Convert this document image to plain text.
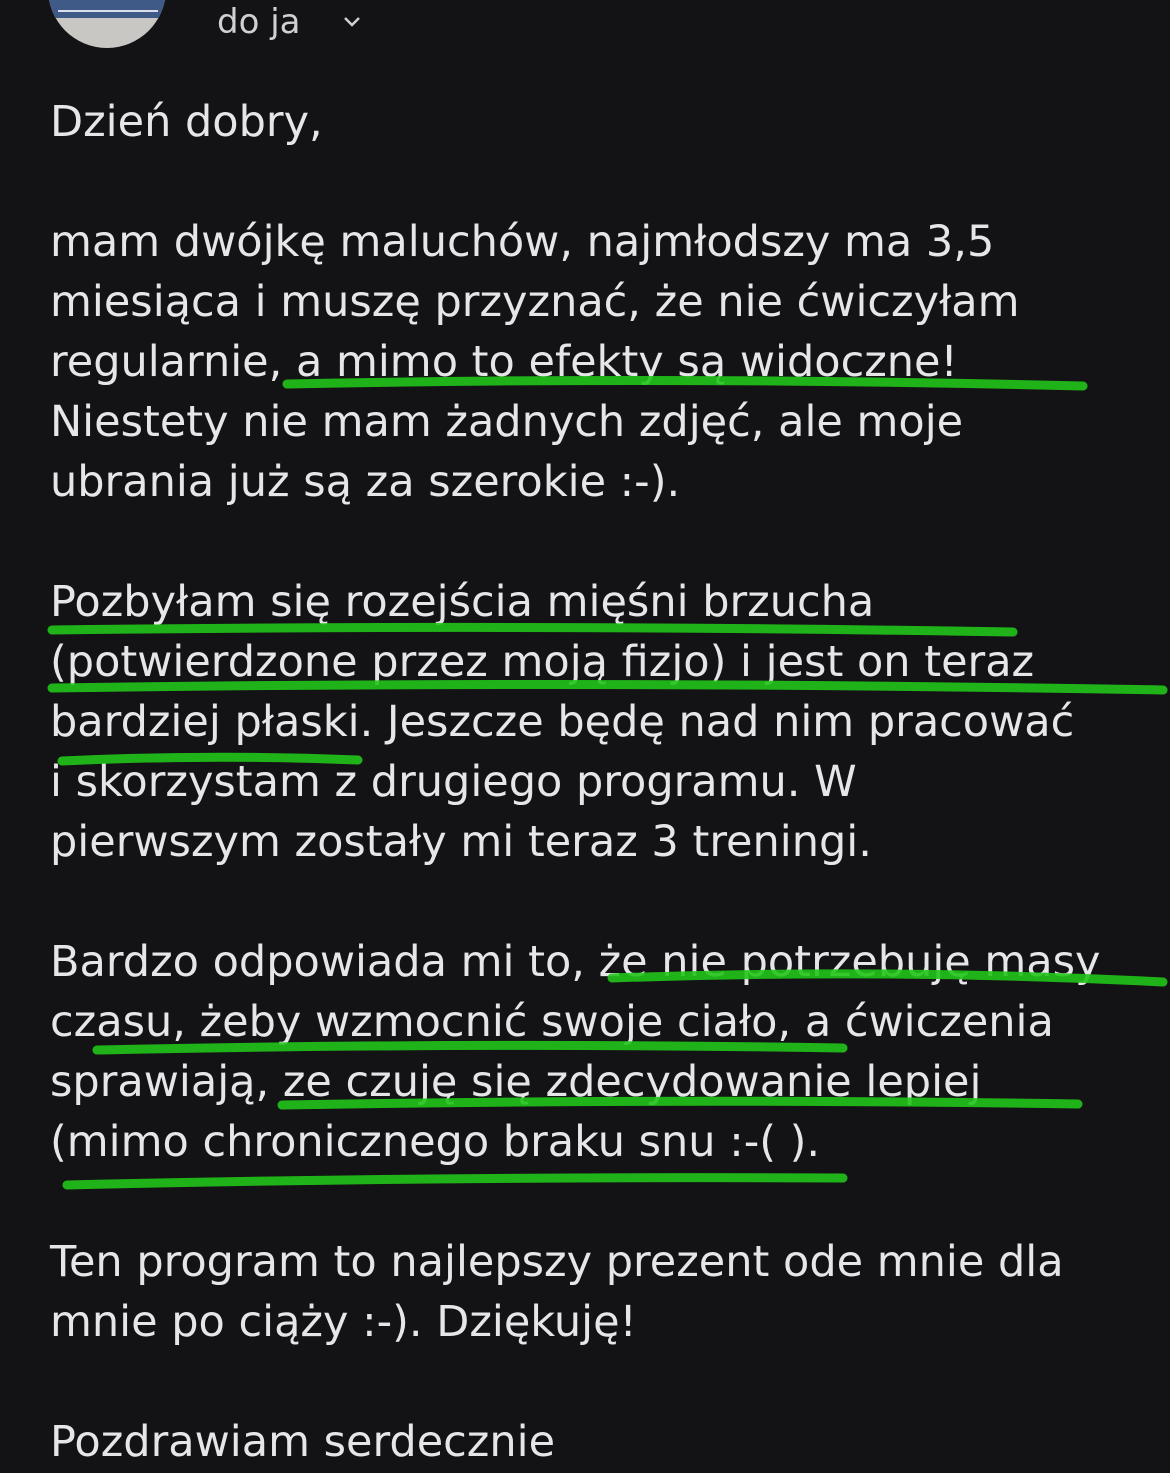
do ja
Dzień dobry,
mam dwójkę maluchów, najmłodszy ma 3,5
miesiąca i muszę przyznać, że nie ćwiczyłam
regularnie, a mimo to efekty są widoczne!
Niestety nie mam żadnych zdjęć, ale moje
ubrania już są za szerokie :-).
Pozbyłam się rozejścia mięśni brzucha
(potwierdzone przez moją fizjo) i jest on teraz
bardziej płaski. Jeszcze będę nad nim pracować
i skorzystam z drugiego programu. W
pierwszym zostały mi teraz 3 treningi.
Bardzo odpowiada mi to, że nie potrzebuję masy
czasu, żeby wzmocnić swoje ciało, a ćwiczenia
sprawiają, ze czuję się zdecydowanie lepiej
(mimo chronicznego braku snu :-( ).
Ten program to najlepszy prezent ode mnie dla
mnie po ciąży :-). Dziękuję!
Pozdrawiam serdecznie
